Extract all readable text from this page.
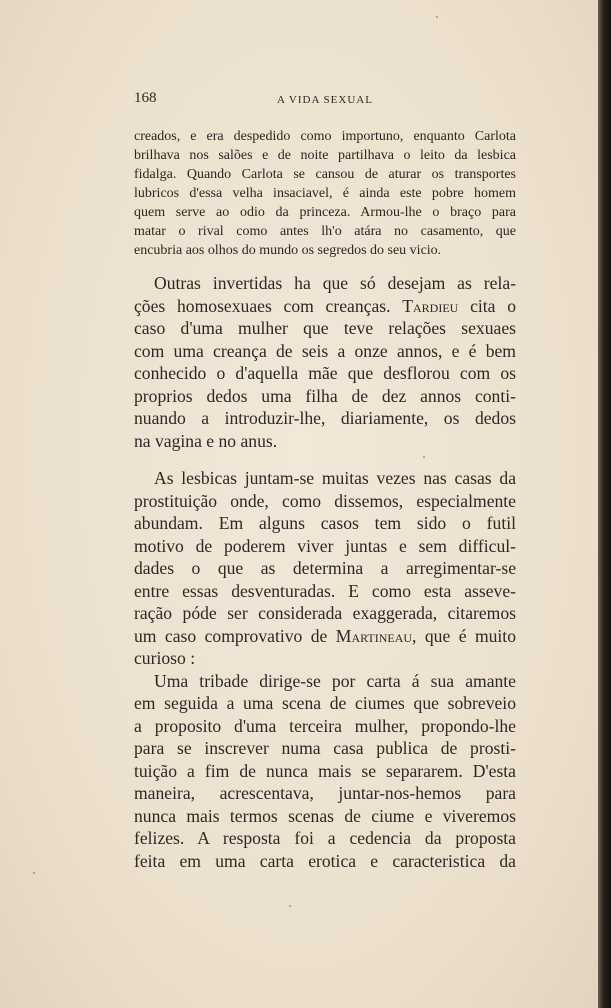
168	A VIDA SEXUAL
creados, e era despedido como importuno, enquanto Carlota
brilhava nos salões e de noite partilhava o leito da lesbica
fidalga. Quando Carlota se cansou de aturar os transportes
lubricos d'essa velha insaciavel, é ainda este pobre homem
quem serve ao odio da princeza. Armou-lhe o braço para
matar o rival como antes lh'o atára no casamento, que
encubria aos olhos do mundo os segredos do seu vicio.
Outras invertidas ha que só desejam as rela-
ções homosexuaes com creanças. Tardieu cita o
caso d'uma mulher que teve relações sexuaes
com uma creança de seis a onze annos, e é bem
conhecido o d'aquella mãe que desflorou com os
proprios dedos uma filha de dez annos conti-
nuando a introduzir-lhe, diariamente, os dedos
na vagina e no anus.
As lesbicas juntam-se muitas vezes nas casas da
prostituição onde, como dissemos, especialmente
abundam. Em alguns casos tem sido o futil
motivo de poderem viver juntas e sem difficul-
dades o que as determina a arregimentar-se
entre essas desventuradas. E como esta asseve-
ração póde ser considerada exaggerada, citaremos
um caso comprovativo de Martineau, que é muito
curioso :
Uma tribade dirige-se por carta á sua amante
em seguida a uma scena de ciumes que sobreveio
a proposito d'uma terceira mulher, propondo-lhe
para se inscrever numa casa publica de prosti-
tuição a fim de nunca mais se separarem. D'esta
maneira, acrescentava, juntar-nos-hemos para
nunca mais termos scenas de ciume e viveremos
felizes. A resposta foi a cedencia da proposta
feita em uma carta erotica e caracteristica da
